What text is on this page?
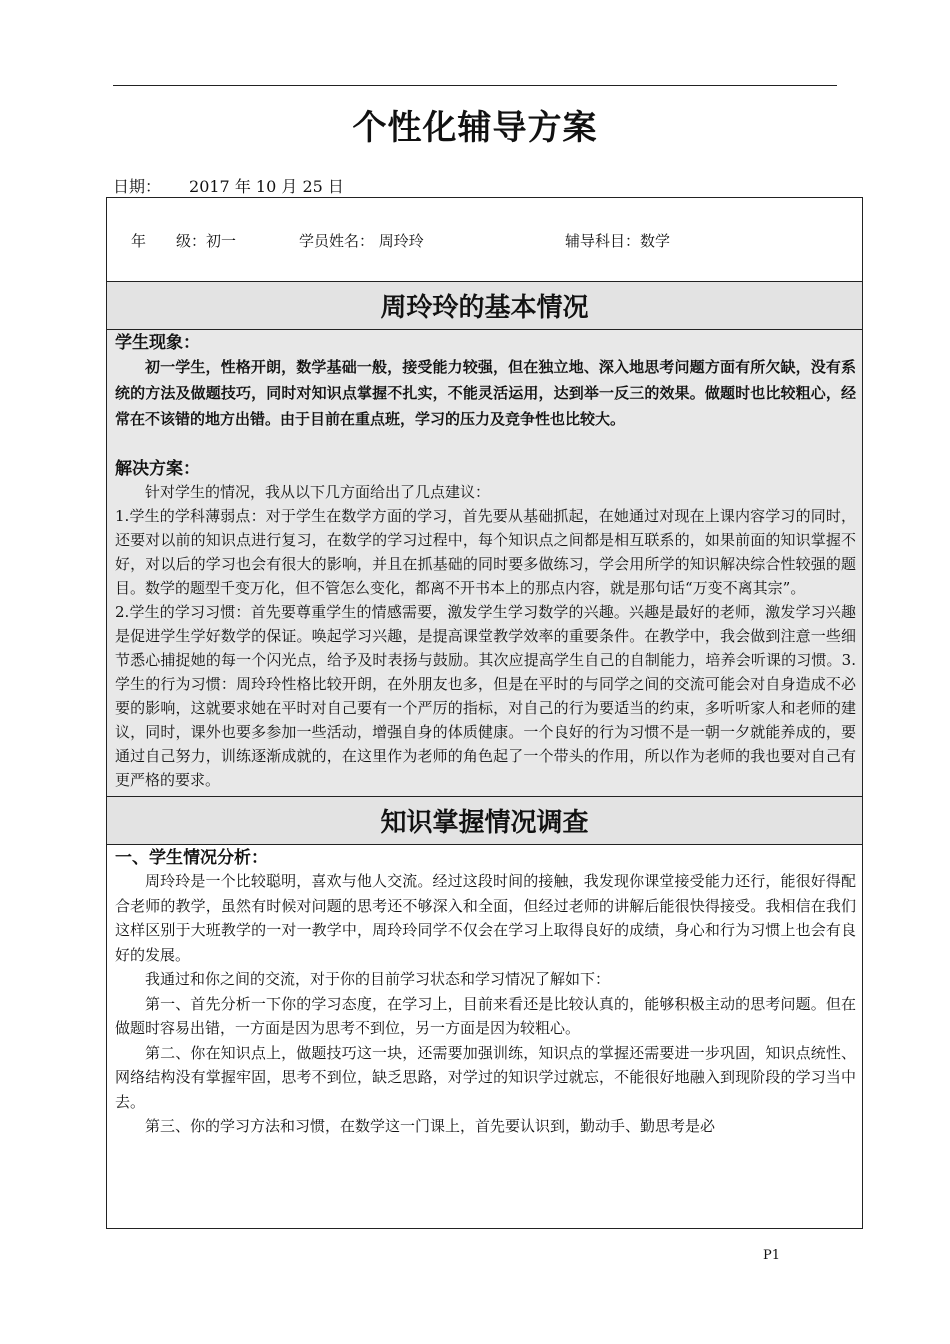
个性化辅导方案
日期： 2017 年 10 月 25 日
年　　级：初一	学员姓名： 周玲玲	辅导科目：数学
周玲玲的基本情况
学生现象：

初一学生，性格开朗，数学基础一般，接受能力较强，但在独立地、深入地思考问题方面有所欠缺，没有系统的方法及做题技巧，同时对知识点掌握不扎实，不能灵活运用，达到举一反三的效果。做题时也比较粗心，经常在不该错的地方出错。由于目前在重点班，学习的压力及竞争性也比较大。

解决方案：

针对学生的情况，我从以下几方面给出了几点建议：

1.学生的学科薄弱点：对于学生在数学方面的学习，首先要从基础抓起，在她通过对现在上课内容学习的同时，还要对以前的知识点进行复习，在数学的学习过程中，每个知识点之间都是相互联系的，如果前面的知识掌握不好，对以后的学习也会有很大的影响，并且在抓基础的同时要多做练习，学会用所学的知识解决综合性较强的题目。数学的题型千变万化，但不管怎么变化，都离不开书本上的那点内容，就是那句话“万变不离其宗”。

2.学生的学习习惯：首先要尊重学生的情感需要，激发学生学习数学的兴趣。兴趣是最好的老师，激发学习兴趣是促进学生学好数学的保证。唤起学习兴趣，是提高课堂教学效率的重要条件。在教学中，我会做到注意一些细节悉心捕捉她的每一个闪光点，给予及时表扬与鼓励。其次应提高学生自己的自制能力，培养会听课的习惯。3.学生的行为习惯：周玲玲性格比较开朗，在外朋友也多，但是在平时的与同学之间的交流可能会对自身造成不必要的影响，这就要求她在平时对自己要有一个严厉的指标，对自己的行为要适当的约束，多听听家人和老师的建议，同时，课外也要多参加一些活动，增强自身的体质健康。一个良好的行为习惯不是一朝一夕就能养成的，要通过自己努力，训练逐渐成就的，在这里作为老师的角色起了一个带头的作用，所以作为老师的我也要对自己有更严格的要求。

知识掌握情况调查
一、学生情况分析：

周玲玲是一个比较聪明，喜欢与他人交流。经过这段时间的接触，我发现你课堂接受能力还行，能很好得配合老师的教学，虽然有时候对问题的思考还不够深入和全面，但经过老师的讲解后能很快得接受。我相信在我们这样区别于大班教学的一对一教学中，周玲玲同学不仅会在学习上取得良好的成绩，身心和行为习惯上也会有良好的发展。

我通过和你之间的交流，对于你的目前学习状态和学习情况了解如下：

第一、首先分析一下你的学习态度，在学习上，目前来看还是比较认真的，能够积极主动的思考问题。但在做题时容易出错，一方面是因为思考不到位，另一方面是因为较粗心。

第二、你在知识点上，做题技巧这一块，还需要加强训练，知识点的掌握还需要进一步巩固，知识点统性、网络结构没有掌握牢固，思考不到位，缺乏思路，对学过的知识学过就忘，不能很好地融入到现阶段的学习当中去。

第三、你的学习方法和习惯，在数学这一门课上，首先要认识到，勤动手、勤思考是必

P1
